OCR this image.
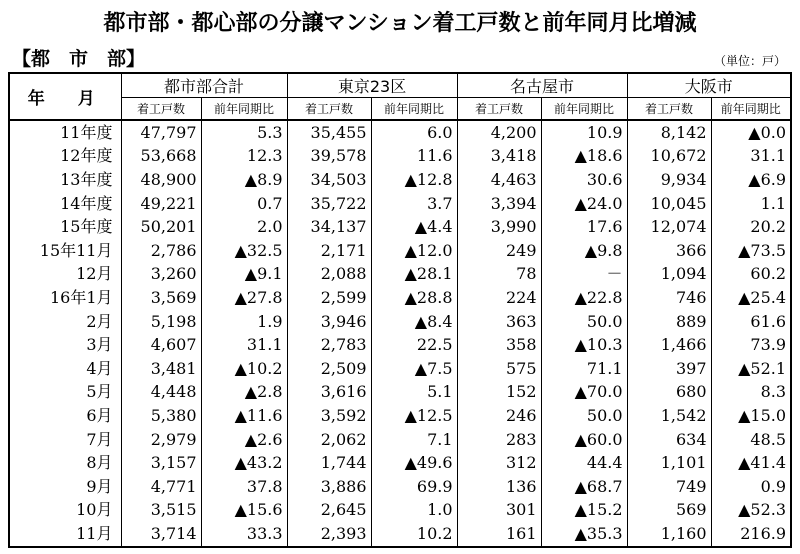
都市部・都心部の分譲マンション着工戸数と前年同月比増減
【都　市　部】	（単位：戸）
年　月	都市部合計		東京23区		名古屋市		大阪市	
	着工戸数	前年同期比	着工戸数	前年同期比	着工戸数	前年同期比	着工戸数	前年同期比
11年度	47,797	5.3	35,455	6.0	4,200	10.9	8,142	▲0.0
12年度	53,668	12.3	39,578	11.6	3,418	▲18.6	10,672	31.1
13年度	48,900	▲8.9	34,503	▲12.8	4,463	30.6	9,934	▲6.9
14年度	49,221	0.7	35,722	3.7	3,394	▲24.0	10,045	1.1
15年度	50,201	2.0	34,137	▲4.4	3,990	17.6	12,074	20.2
15年11月	2,786	▲32.5	2,171	▲12.0	249	▲9.8	366	▲73.5
12月	3,260	▲9.1	2,088	▲28.1	78	－	1,094	60.2
16年1月	3,569	▲27.8	2,599	▲28.8	224	▲22.8	746	▲25.4
2月	5,198	1.9	3,946	▲8.4	363	50.0	889	61.6
3月	4,607	31.1	2,783	22.5	358	▲10.3	1,466	73.9
4月	3,481	▲10.2	2,509	▲7.5	575	71.1	397	▲52.1
5月	4,448	▲2.8	3,616	5.1	152	▲70.0	680	8.3
6月	5,380	▲11.6	3,592	▲12.5	246	50.0	1,542	▲15.0
7月	2,979	▲2.6	2,062	7.1	283	▲60.0	634	48.5
8月	3,157	▲43.2	1,744	▲49.6	312	44.4	1,101	▲41.4
9月	4,771	37.8	3,886	69.9	136	▲68.7	749	0.9
10月	3,515	▲15.6	2,645	1.0	301	▲15.2	569	▲52.3
11月	3,714	33.3	2,393	10.2	161	▲35.3	1,160	216.9
